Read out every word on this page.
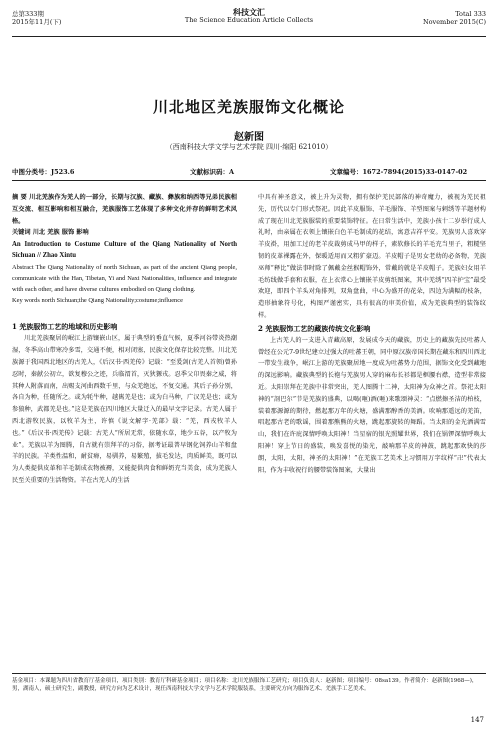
总第333期
2015年11月(下)
科技文汇
The Science Education Article Collects
Total 333
November 2015(C)
川北地区羌族服饰文化概论
赵新图
（西南科技大学文学与艺术学院 四川·绵阳 621010）
中图分类号：J523.6	文献标识码：A	文章编号：1672-7894(2015)33-0147-02

摘 要 川北羌族作为羌人的一部分，长期与汉族、藏族、彝族和纳西等兄弟民族相互交流、相互影响和相互融合，羌族服饰工艺体现了多种文化并存的鲜明艺术风格。

关键词 川北 羌族 服饰 影响

An Introduction to Costume Culture of the Qiang Nationality of North Sichuan // Zhao Xintu

Abstract The Qiang Nationality of north Sichuan, as part of the ancient Qiang people, communicate with the Han, Tibetan, Yi and Naxi Nationalities, influence and integrate with each other, and have diverse cultures embodied on Qiang clothing.

Key words north Sichuan;the Qiang Nationality;costume;influence

1 羌族服饰工艺的地域和历史影响

川北羌族聚居的岷江上游镶嵌山区，属于典型的垂直气候，夏季河谷带炎热潮湿，冬季高山带寒冷多雪，交通不便，相对闭塞，民族文化保存比较完整。川北羌族源于我国西北地区的古羌人，《后汉书·西羌传》记载：“至爰剑(古羌人首领)曾孙忍时，秦献公初立，欲复穆公之迹，兵临渭首，灭狄獂戎。忍季父卬畏秦之威，将其种人附落而南，出赐支河曲西数千里，与众羌绝远，不复交通。其后子孙分别，各自为种，任随所之。或为牦牛种，越嶲羌是也；或为白马种，广汉羌是也；或为参狼种，武都羌是也。”这是羌族在四川地区大量迁入的最早文字记录。古羌人属于西北游牧民族，以牧羊为主，许慎《说文解字·羌部》载：“羌，西戎牧羊人也。”《后汉书·西羌传》记载：古羌人“所居无常，依随水草，地少五谷，以产牧为业”。羌族以羊为图腾，自古就有崇拜羊的习俗，据考证最普早钢化饲养山羊和盘羊的民族。羊类性温和，耐贫瘠，易驯养，易繁殖，拔毛发达，肉质鲜美，既可以为人类提供皮革和羊毛制成衣物被褥，又能提供肉食和鲜奶充当美食，成为羌族人民至关重要的生活物资。羊在古羌人的生活

中具有神圣意义，被上升为灵物，拥有保护羌民部落的神奇魔力，被视为羌民祖先，历代以专门形式祭祀。因此羊皮服饰、羊毛服饰、羊型图案与刺绣等羊题材构成了现在川北羌族服装的重要装饰特征。在日常生活中，羌族小孩十二岁举行成人礼时，由亲属在衣领上镶嵌白色羊毛制成的花结，寓意吉祥平安。羌族男人喜欢穿羊皮褂，用加工过的老羊皮裁剪成马甲的样子，素软修长的羊毛充当里子，粗糙坚韧的皮革裸露在外，保暖适用而又粗犷豪迈。羊皮帽子是男女老幼的必备物，羌族巫师“释比”做法事时除了佩戴金丝猴帽饰外，常戴的就是羊皮帽子。羌族妇女用羊毛纺线做手套和衣服，在上衣常心上镶嵌羊皮剪纸图案，其中羌绣“四羊护宝”最受欢迎，即四个羊头对角排列，双角盘曲，中心为盛开的花朵，四边为满幅的枝条，造形抽象符号化，构图严谨密实，具有很高的审美价值，成为羌族典型的装饰纹样。

2 羌族服饰工艺的藏族传统文化影响

上古羌人的一支进入青藏高原，发展成今天的藏族，历史上的藏族先民吐蕃人曾经在公元7-9世纪建立过强大的吐蕃王朝，同中原汉族帝国长期在藏东和四川西北一带发生战争，岷江上游的羌族聚居地一度成为吐蕃势力范围，据饰文化受到藏地的深远影响。藏族典型的长袍与羌族男人穿的麻布长衫都是框腰右襟，造型非常接近。太阳崇拜在羌族中非常突出，羌人图腾十二神，太阳神为众神之首。祭祀太阳神的“剖巴尔”节是羌族的盛典，以喝(咂)酒(咂)来歌颂神灵：“点燃擦圣洁的柏枝，装着那源源的期待，燃起那万年的火塘，盛满那醇香的美酒。吹响那遥远的羌笛，唱起那古老的歌谣，围着那熊熊的火塘，跳起那旋转的舞蹈。当太阳的金光洒满雪山，我们在许庇深情呼唤太阳神！当星宿的银光照耀世界，我们在锅锣深情呼唤太阳神！穿上节日的盛装，唤发喜悦的染光，敲响那羊皮的神鼓，跳起那欢快的莎朗，太阳，太阳，神圣的太阳神！”在羌族工艺美术上习惯用万字纹样“卍”代表太阳，作为丰收祝行的腰带装饰图案，大量出

基金项目：本课题为四川省教育厅基金项目，项目类别：教育厅科研基金项目；项目名称：北川羌族服饰工艺研究；项目负责人：赵新图；项目编号：08sa139。作者简介：赵新图(1968—)，男，湖南人，硕士研究生，副教授，研究方向为艺术设计，现任西南科技大学文学与艺术学院服装系，主要研究方向为服饰艺术、羌族手工艺美术。
147
